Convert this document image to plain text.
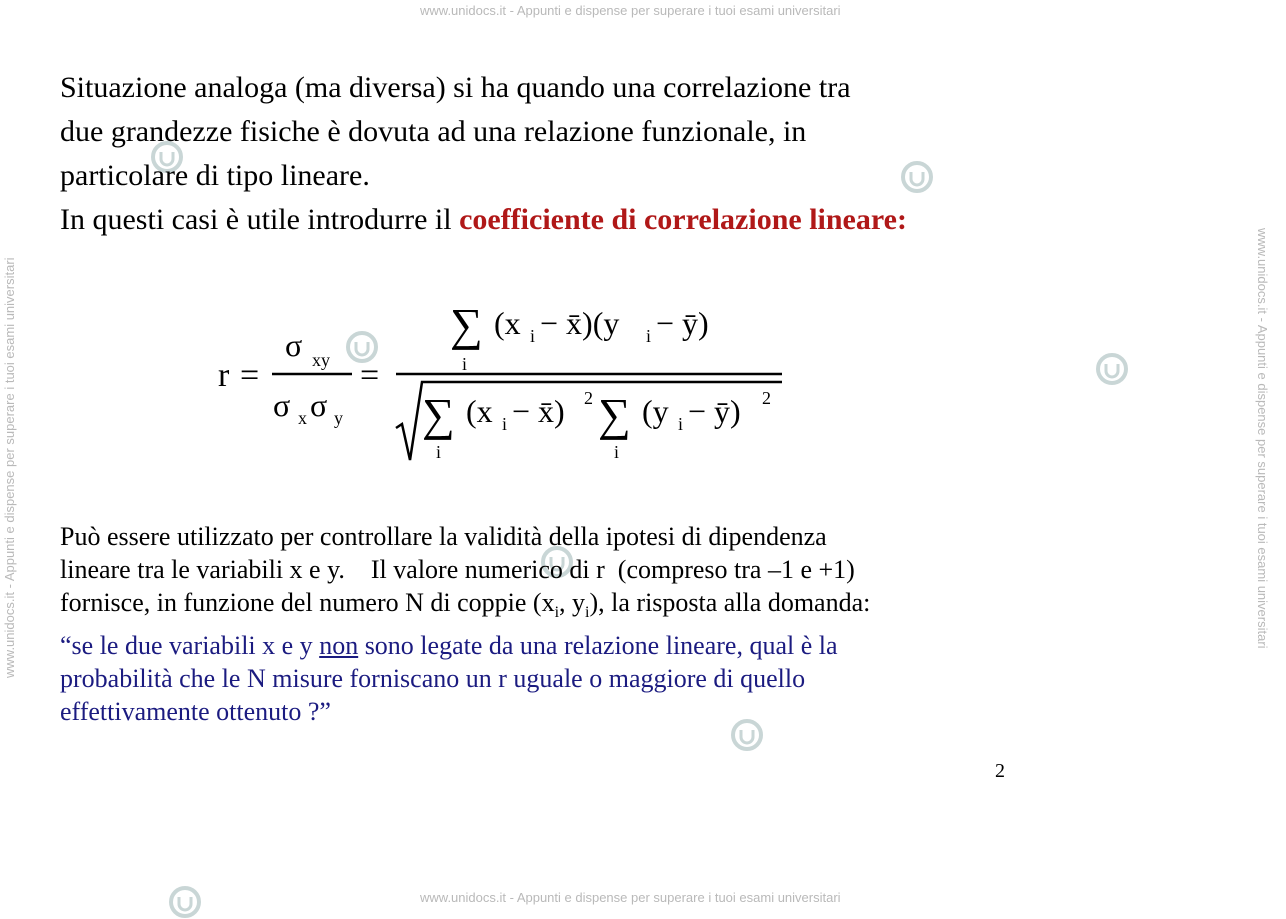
www.unidocs.it - Appunti e dispense per superare i tuoi esami universitari
www.unidocs.it - Appunti e dispense per superare i tuoi esami universitari
www.unidocs.it - Appunti e dispense per superare i tuoi esami universitari	www.unidocs.it - Appunti e dispense per superare i tuoi esami universitari

Situazione analoga (ma diversa) si ha quando una correlazione tra
due grandezze fisiche è dovuta ad una relazione funzionale, in
particolare di tipo lineare.
In questi casi è utile introdurre il coefficiente di correlazione lineare:

r =
σ xy
σ x σ y
=
∑
i
(x i − x̄)(y i − ȳ)
∑
i
(x i − x̄) 2 ∑
i
(y i − ȳ) 2

Può essere utilizzato per controllare la validità della ipotesi di dipendenza
lineare tra le variabili x e y.    Il valore numerico di r  (compreso tra –1 e +1)
fornisce, in funzione del numero N di coppie ($x_i$, $y_i$), la risposta alla domanda:
“se le due variabili x e y non sono legate da una relazione lineare, qual è la
probabilità che le N misure forniscano un r uguale o maggiore di quello
effettivamente ottenuto ?”

2
